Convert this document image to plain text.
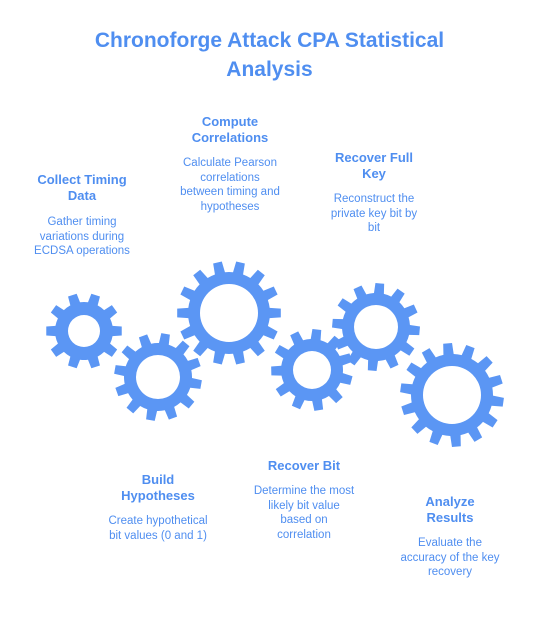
Chronoforge Attack CPA Statistical
Analysis
Collect Timing
Data
Gather timing
variations during
ECDSA operations
Compute
Correlations
Calculate Pearson
correlations
between timing and
hypotheses
Recover Full
Key
Reconstruct the
private key bit by
bit
Build
Hypotheses
Create hypothetical
bit values (0 and 1)
Recover Bit
Determine the most
likely bit value
based on
correlation
Analyze
Results
Evaluate the
accuracy of the key
recovery
